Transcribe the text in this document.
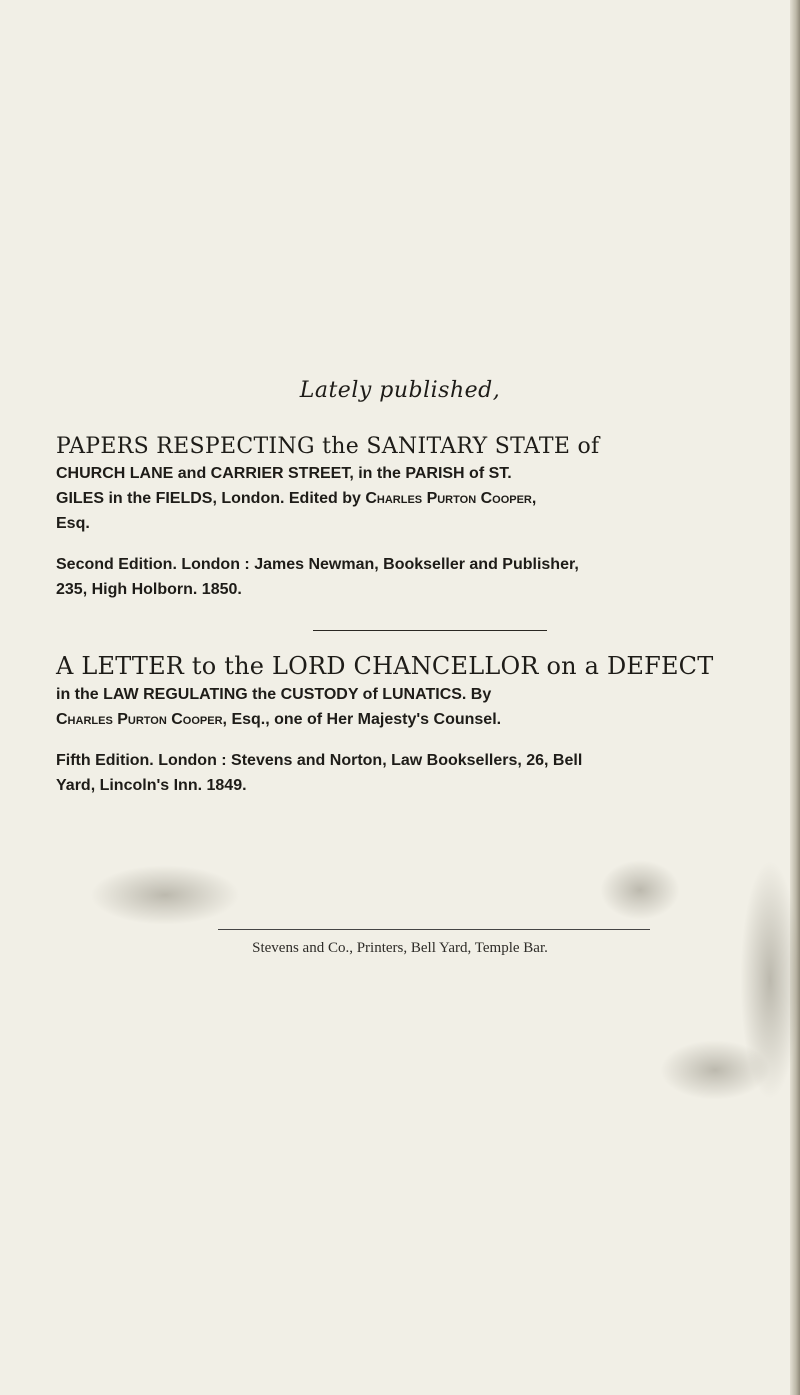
Lately published,
PAPERS RESPECTING the SANITARY STATE of
CHURCH LANE and CARRIER STREET, in the PARISH of ST.
GILES in the FIELDS, London. Edited by Charles Purton Cooper,
Esq.
Second Edition. London : James Newman, Bookseller and Publisher,
235, High Holborn. 1850.
A LETTER to the LORD CHANCELLOR on a DEFECT
in the LAW REGULATING the CUSTODY of LUNATICS. By
Charles Purton Cooper, Esq., one of Her Majesty's Counsel.
Fifth Edition. London : Stevens and Norton, Law Booksellers, 26, Bell
Yard, Lincoln's Inn. 1849.
Stevens and Co., Printers, Bell Yard, Temple Bar.
